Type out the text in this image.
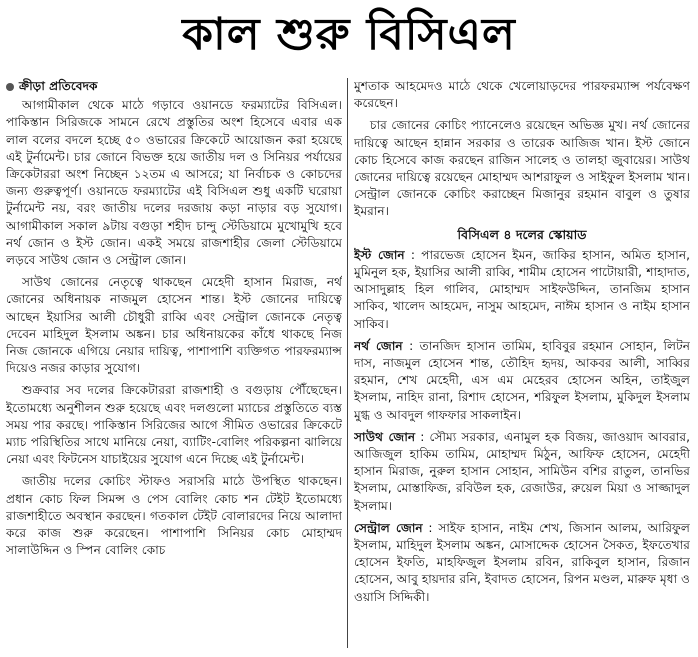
কাল শুরু বিসিএল
ক্রীড়া প্রতিবেদক

আগামীকাল থেকে মাঠে গড়াবে ওয়ানডে ফরম্যাটের বিসিএল। পাকিস্তান সিরিজকে সামনে রেখে প্রস্তুতির অংশ হিসেবে এবার এক লাল বলের বদলে হচ্ছে ৫০ ওভারের ক্রিকেটে আয়োজন করা হয়েছে এই টুর্নামেন্ট। চার জোনে বিভক্ত হয়ে জাতীয় দল ও সিনিয়র পর্যায়ের ক্রিকেটাররা অংশ নিচ্ছেন ১২তম এ আসরে; যা নির্বাচক ও কোচদের জন্য গুরুত্বপূর্ণ। ওয়ানডে ফরম্যাটের এই বিসিএল শুধু একটি ঘরোয়া টুর্নামেন্ট নয়, বরং জাতীয় দলের দরজায় কড়া নাড়ার বড় সুযোগ। আগামীকাল সকাল ৯টায় বগুড়া শহীদ চান্দু স্টেডিয়ামে মুখোমুখি হবে নর্থ জোন ও ইস্ট জোন। একই সময়ে রাজশাহীর জেলা স্টেডিয়ামে লড়বে সাউথ জোন ও সেন্ট্রাল জোন।

সাউথ জোনের নেতৃত্বে থাকছেন মেহেদী হাসান মিরাজ, নর্থ জোনের অধিনায়ক নাজমুল হোসেন শান্ত। ইস্ট জোনের দায়িত্বে আছেন ইয়াসির আলী চৌধুরী রাব্বি এবং সেন্ট্রাল জোনকে নেতৃত্ব দেবেন মাহিদুল ইসলাম অঙ্কন। চার অধিনায়কের কাঁধে থাকছে নিজ নিজ জোনকে এগিয়ে নেয়ার দায়িত্ব, পাশাপাশি ব্যক্তিগত পারফরম্যান্স দিয়েও নজর কাড়ার সুযোগ।

শুক্রবার সব দলের ক্রিকেটাররা রাজশাহী ও বগুড়ায় পৌঁছেছেন। ইতোমধ্যে অনুশীলন শুরু হয়েছে এবং দলগুলো ম্যাচের প্রস্তুতিতে ব্যস্ত সময় পার করছে। পাকিস্তান সিরিজের আগে সীমিত ওভারের ক্রিকেটে ম্যাচ পরিস্থিতির সাথে মানিয়ে নেয়া, ব্যাটিং-বোলিং পরিকল্পনা ঝালিয়ে নেয়া এবং ফিটনেস যাচাইয়ের সুযোগ এনে দিচ্ছে এই টুর্নামেন্ট।

জাতীয় দলের কোচিং স্টাফও সরাসরি মাঠে উপস্থিত থাকছেন। প্রধান কোচ ফিল সিমন্স ও পেস বোলিং কোচ শন টেইট ইতোমধ্যে রাজশাহীতে অবস্থান করছেন। গতকাল টেইট বোলারদের নিয়ে আলাদা করে কাজ শুরু করেছেন। পাশাপাশি সিনিয়র কোচ মোহাম্মদ সালাউদ্দিন ও স্পিন বোলিং কোচ

মুশতাক আহমেদও মাঠে থেকে খেলোয়াড়দের পারফরম্যান্স পর্যবেক্ষণ করেছেন।

চার জোনের কোচিং প্যানেলেও রয়েছেন অভিজ্ঞ মুখ। নর্থ জোনের দায়িত্বে আছেন হান্নান সরকার ও তারেক আজিজ খান। ইস্ট জোনে কোচ হিসেবে কাজ করছেন রাজিন সালেহ ও তালহা জুবায়ের। সাউথ জোনের দায়িত্বে রয়েছেন মোহাম্মদ আশরাফুল ও সাইফুল ইসলাম খান। সেন্ট্রাল জোনকে কোচিং করাচ্ছেন মিজানুর রহমান বাবুল ও তুষার ইমরান।

বিসিএল ৪ দলের স্কোয়াড

ইস্ট জোন : পারভেজ হোসেন ইমন, জাকির হাসান, অমিত হাসান, মুমিনুল হক, ইয়াসির আলী রাব্বি, শামীম হোসেন পাটোয়ারী, শাহাদাত, আসাদুল্লাহ হিল গালিব, মোহাম্মদ সাইফউদ্দিন, তানজিম হাসান সাকিব, খালেদ আহমেদ, নাসুম আহমেদ, নাঈম হাসান ও নাইম হাসান সাকিব।

নর্থ জোন : তানজিদ হাসান তামিম, হাবিবুর রহমান সোহান, লিটন দাস, নাজমুল হোসেন শান্ত, তৌহিদ হৃদয়, আকবর আলী, সাব্বির রহমান, শেখ মেহেদী, এস এম মেহেরব হোসেন অহিন, তাইজুল ইসলাম, নাহিদ রানা, রিশাদ হোসেন, শরিফুল ইসলাম, মুকিদুল ইসলাম মুগ্ধ ও আবদুল গাফফার সাকলাইন।

সাউথ জোন : সৌম্য সরকার, এনামুল হক বিজয়, জাওয়াদ আবরার, আজিজুল হাকিম তামিম, মোহাম্মদ মিঠুন, আফিফ হোসেন, মেহেদী হাসান মিরাজ, নুরুল হাসান সোহান, সামিউন বশির রাতুল, তানভির ইসলাম, মোস্তাফিজ, রবিউল হক, রেজাউর, রুয়েল মিয়া ও সাজ্জাদুল ইসলাম।

সেন্ট্রাল জোন : সাইফ হাসান, নাইম শেখ, জিসান আলম, আরিফুল ইসলাম, মাহিদুল ইসলাম অঙ্কন, মোসাদ্দেক হোসেন সৈকত, ইফতেখার হোসেন ইফতি, মাহফিজুল ইসলাম রবিন, রাকিবুল হাসান, রিজান হোসেন, আবু হায়দার রনি, ইবাদত হোসেন, রিপন মণ্ডল, মারুফ মৃধা ও ওয়াসি সিদ্দিকী।
